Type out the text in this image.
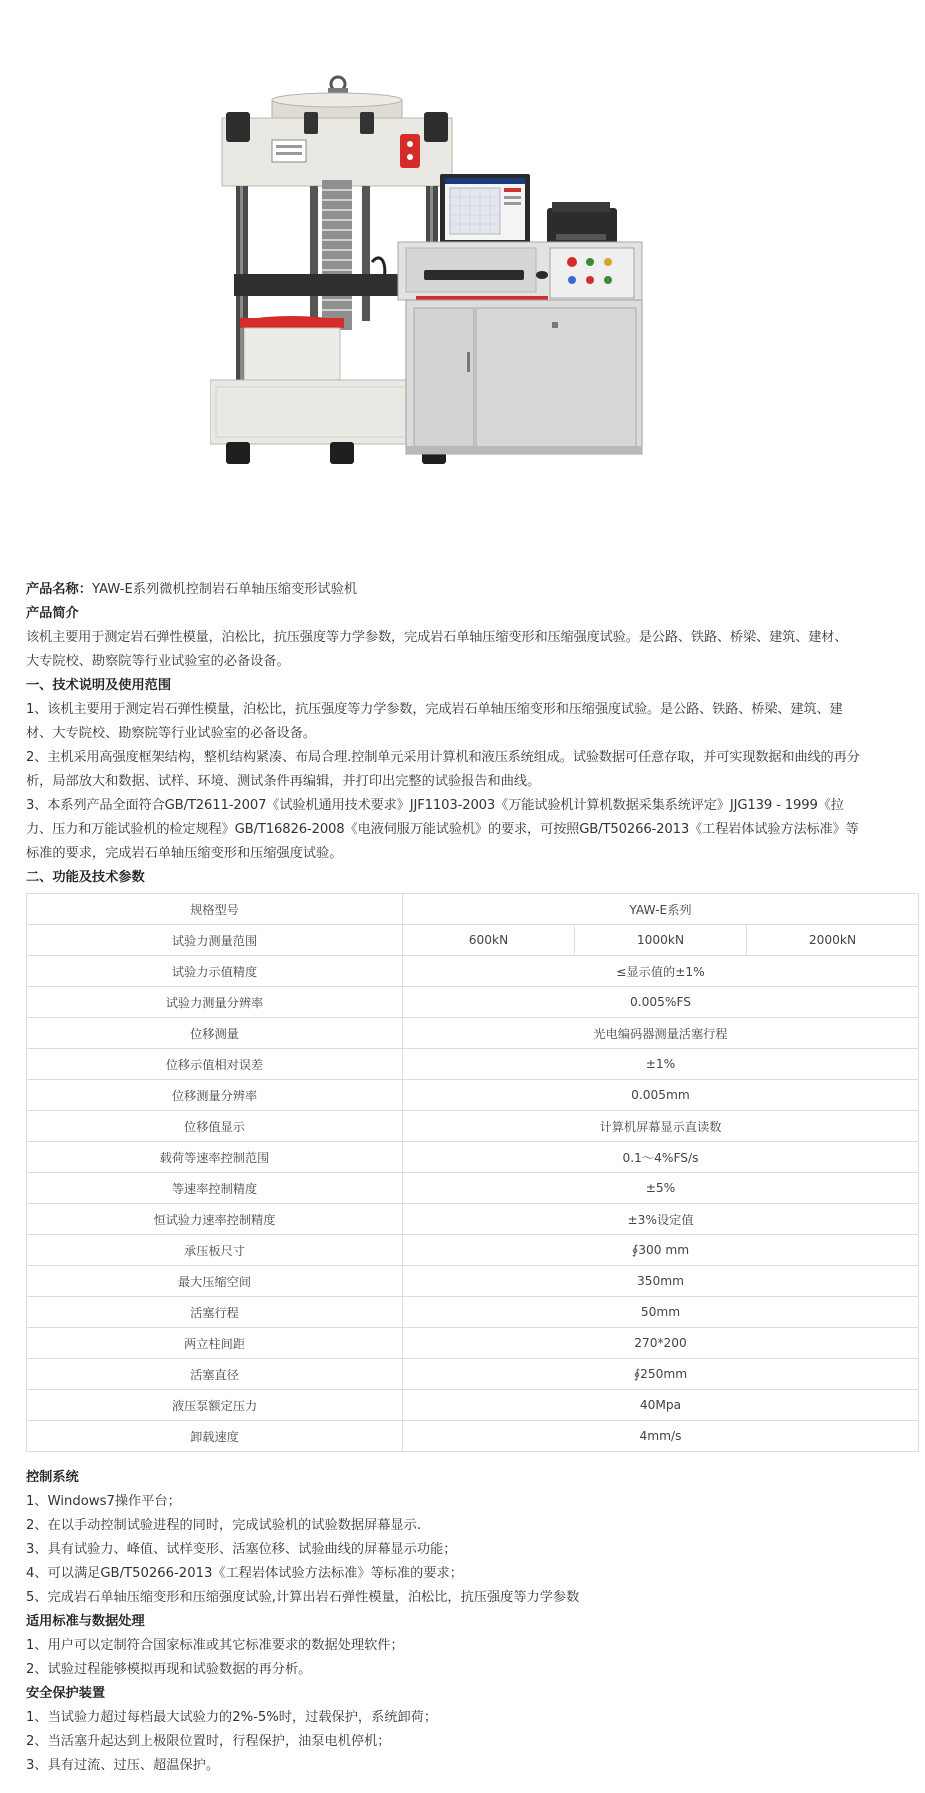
产品名称：YAW-E系列微机控制岩石单轴压缩变形试验机

产品简介

该机主要用于测定岩石弹性模量，泊松比，抗压强度等力学参数，完成岩石单轴压缩变形和压缩强度试验。是公路、铁路、桥梁、建筑、建材、

大专院校、勘察院等行业试验室的必备设备。

一、技术说明及使用范围

1、该机主要用于测定岩石弹性模量，泊松比，抗压强度等力学参数，完成岩石单轴压缩变形和压缩强度试验。是公路、铁路、桥梁、建筑、建

材、大专院校、勘察院等行业试验室的必备设备。

2、主机采用高强度框架结构，整机结构紧凑、布局合理.控制单元采用计算机和液压系统组成。试验数据可任意存取，并可实现数据和曲线的再分

析，局部放大和数据、试样、环境、测试条件再编辑，并打印出完整的试验报告和曲线。

3、本系列产品全面符合GB/T2611-2007《试验机通用技术要求》JJF1103-2003《万能试验机计算机数据采集系统评定》JJG139 - 1999《拉

力、压力和万能试验机的检定规程》GB/T16826-2008《电液伺服万能试验机》的要求，可按照GB/T50266-2013《工程岩体试验方法标准》等

标准的要求，完成岩石单轴压缩变形和压缩强度试验。

二、功能及技术参数

规格型号	YAW-E系列		
试验力测量范围	600kN	1000kN	2000kN
试验力示值精度	≤显示值的±1%		
试验力测量分辨率	0.005%FS		
位移测量	光电编码器测量活塞行程		
位移示值相对误差	±1%		
位移测量分辨率	0.005mm		
位移值显示	计算机屏幕显示直读数		
载荷等速率控制范围	0.1～4%FS/s		
等速率控制精度	±5%		
恒试验力速率控制精度	±3%设定值		
承压板尺寸	∮300 mm		
最大压缩空间	350mm		
活塞行程	50mm		
两立柱间距	270*200		
活塞直径	∮250mm		
液压泵额定压力	40Mpa		
卸载速度	4mm/s		

控制系统

1、Windows7操作平台；

2、在以手动控制试验进程的同时，完成试验机的试验数据屏幕显示.

3、具有试验力、峰值、试样变形、活塞位移、试验曲线的屏幕显示功能；

4、可以满足GB/T50266-2013《工程岩体试验方法标准》等标准的要求；

5、完成岩石单轴压缩变形和压缩强度试验,计算出岩石弹性模量，泊松比，抗压强度等力学参数

适用标准与数据处理

1、用户可以定制符合国家标准或其它标准要求的数据处理软件；

2、试验过程能够模拟再现和试验数据的再分析。

安全保护装置

1、当试验力超过每档最大试验力的2%-5%时，过载保护，系统卸荷；

2、当活塞升起达到上极限位置时，行程保护，油泵电机停机；

3、具有过流、过压、超温保护。
